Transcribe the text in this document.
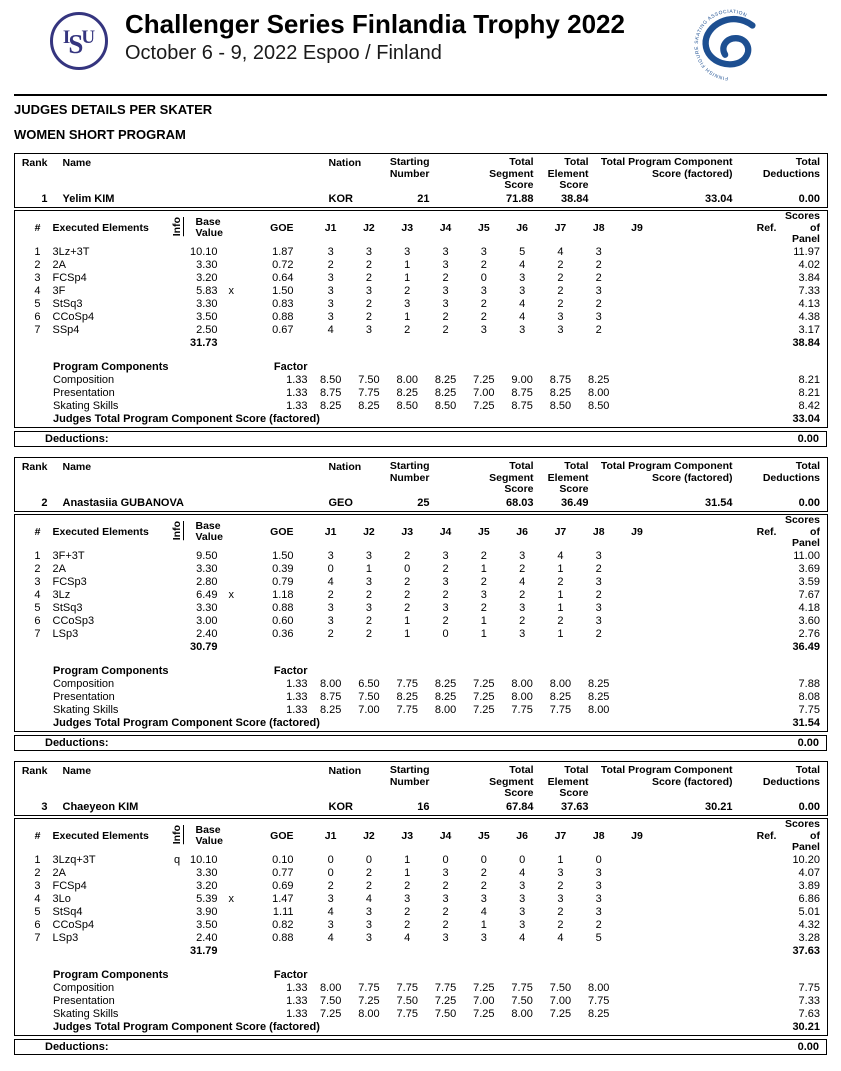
I
S
U Challenger Series Finlandia Trophy 2022
October 6 - 9, 2022 Espoo / Finland
FINNISH FIGURE SKATING ASSOCIATION
JUDGES DETAILS PER SKATER
WOMEN SHORT PROGRAM
Rank	Name	Nation	Starting Number	Total Segment Score	Total Element Score	Total Program Component Score (factored)	Total Deductions
1	Yelim KIM	KOR	21	71.88	38.84	33.04	0.00
#	Executed Elements	Info	Base Value		GOE	J1	J2	J3	J4	J5	J6	J7	J8	J9	Ref.	Scores of Panel
1	3Lz+3T		10.10		1.87	3	3	3	3	3	5	4	3			11.97
2	2A		3.30		0.72	2	2	1	3	2	4	2	2			4.02
3	FCSp4		3.20		0.64	3	2	1	2	0	3	2	2			3.84
4	3F		5.83	x	1.50	3	3	2	3	3	3	2	3			7.33
5	StSq3		3.30		0.83	3	2	3	3	2	4	2	2			4.13
6	CCoSp4		3.50		0.88	3	2	1	2	2	4	3	3			4.38
7	SSp4		2.50		0.67	4	3	2	2	3	3	3	2			3.17
			31.73													38.84

Program Components		Factor														
Composition		1.33				8.50	7.50	8.00	8.25	7.25	9.00	8.75	8.25			8.21
Presentation		1.33				8.75	7.75	8.25	8.25	7.00	8.75	8.25	8.00			8.21
Skating Skills		1.33				8.25	8.25	8.50	8.50	7.25	8.75	8.50	8.50			8.42
Judges Total Program Component Score (factored)																33.04
Deductions:	0.00
Rank	Name	Nation	Starting Number	Total Segment Score	Total Element Score	Total Program Component Score (factored)	Total Deductions
2	Anastasiia GUBANOVA	GEO	25	68.03	36.49	31.54	0.00
#	Executed Elements	Info	Base Value		GOE	J1	J2	J3	J4	J5	J6	J7	J8	J9	Ref.	Scores of Panel
1	3F+3T		9.50		1.50	3	3	2	3	2	3	4	3			11.00
2	2A		3.30		0.39	0	1	0	2	1	2	1	2			3.69
3	FCSp3		2.80		0.79	4	3	2	3	2	4	2	3			3.59
4	3Lz		6.49	x	1.18	2	2	2	2	3	2	1	2			7.67
5	StSq3		3.30		0.88	3	3	2	3	2	3	1	3			4.18
6	CCoSp3		3.00		0.60	3	2	1	2	1	2	2	3			3.60
7	LSp3		2.40		0.36	2	2	1	0	1	3	1	2			2.76
			30.79													36.49

Program Components		Factor														
Composition		1.33				8.00	6.50	7.75	8.25	7.25	8.00	8.00	8.25			7.88
Presentation		1.33				8.75	7.50	8.25	8.25	7.25	8.00	8.25	8.25			8.08
Skating Skills		1.33				8.25	7.00	7.75	8.00	7.25	7.75	7.75	8.00			7.75
Judges Total Program Component Score (factored)																31.54
Deductions:	0.00
Rank	Name	Nation	Starting Number	Total Segment Score	Total Element Score	Total Program Component Score (factored)	Total Deductions
3	Chaeyeon KIM	KOR	16	67.84	37.63	30.21	0.00
#	Executed Elements	Info	Base Value		GOE	J1	J2	J3	J4	J5	J6	J7	J8	J9	Ref.	Scores of Panel
1	3Lzq+3T	q	10.10		0.10	0	0	1	0	0	0	1	0			10.20
2	2A		3.30		0.77	0	2	1	3	2	4	3	3			4.07
3	FCSp4		3.20		0.69	2	2	2	2	2	3	2	3			3.89
4	3Lo		5.39	x	1.47	3	4	3	3	3	3	3	3			6.86
5	StSq4		3.90		1.11	4	3	2	2	4	3	2	3			5.01
6	CCoSp4		3.50		0.82	3	3	2	2	1	3	2	2			4.32
7	LSp3		2.40		0.88	4	3	4	3	3	4	4	5			3.28
			31.79													37.63

Program Components		Factor														
Composition		1.33				8.00	7.75	7.75	7.75	7.25	7.75	7.50	8.00			7.75
Presentation		1.33				7.50	7.25	7.50	7.25	7.00	7.50	7.00	7.75			7.33
Skating Skills		1.33				7.25	8.00	7.75	7.50	7.25	8.00	7.25	8.25			7.63
Judges Total Program Component Score (factored)																30.21
Deductions:	0.00
